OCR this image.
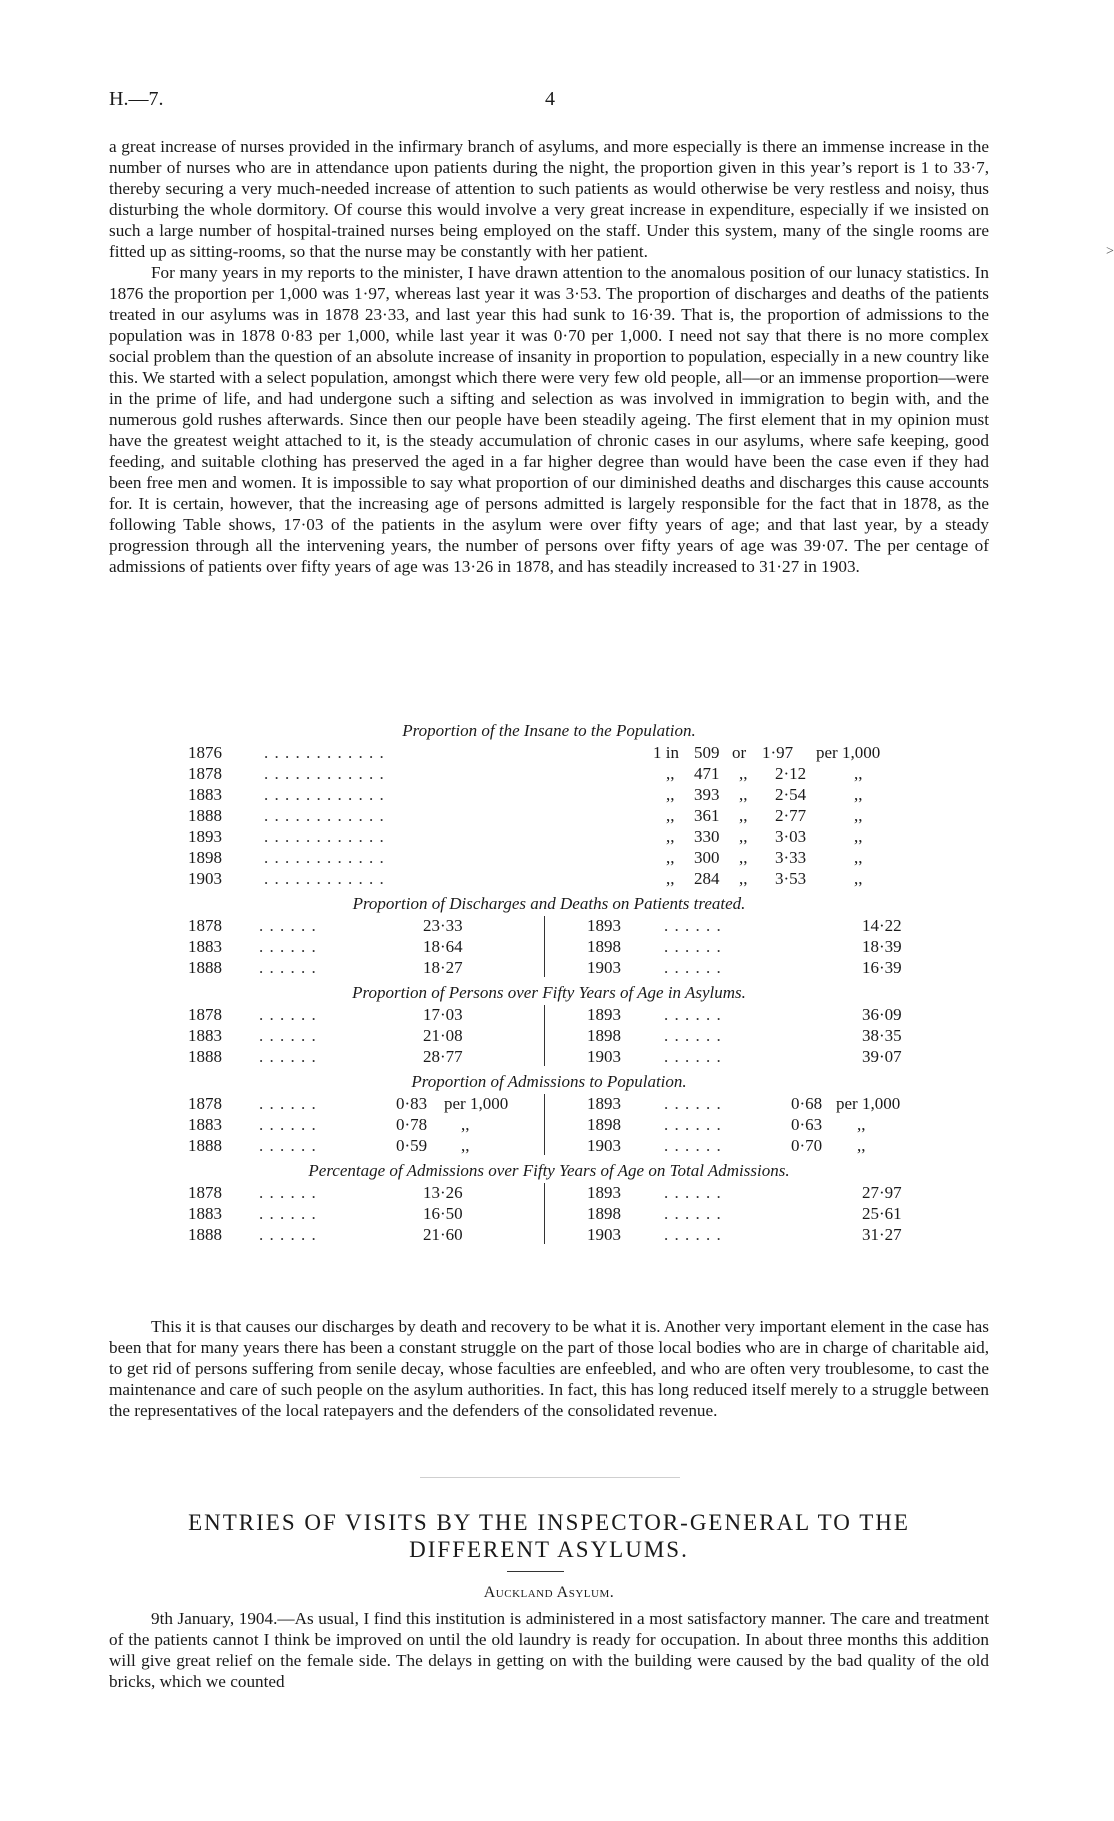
H.—7.	4
>

a great increase of nurses provided in the infirmary branch of asylums, and more especially is there an immense increase in the number of nurses who are in attendance upon patients during the night, the proportion given in this year’s report is 1 to 33·7, thereby securing a very much-needed increase of attention to such patients as would otherwise be very restless and noisy, thus disturbing the whole dormitory. Of course this would involve a very great increase in expenditure, especially if we insisted on such a large number of hospital-trained nurses being employed on the staff. Under this system, many of the single rooms are fitted up as sitting-rooms, so that the nurse may be constantly with her patient.

For many years in my reports to the minister, I have drawn attention to the anomalous position of our lunacy statistics. In 1876 the proportion per 1,000 was 1·97, whereas last year it was 3·53. The proportion of discharges and deaths of the patients treated in our asylums was in 1878 23·33, and last year this had sunk to 16·39. That is, the proportion of admissions to the population was in 1878 0·83 per 1,000, while last year it was 0·70 per 1,000. I need not say that there is no more complex social problem than the question of an absolute increase of insanity in proportion to population, especially in a new country like this. We started with a select population, amongst which there were very few old people, all—or an immense proportion—were in the prime of life, and had undergone such a sifting and selection as was involved in immigration to begin with, and the numerous gold rushes afterwards. Since then our people have been steadily ageing. The first element that in my opinion must have the greatest weight attached to it, is the steady accumulation of chronic cases in our asylums, where safe keeping, good feeding, and suitable clothing has preserved the aged in a far higher degree than would have been the case even if they had been free men and women. It is impossible to say what proportion of our diminished deaths and discharges this cause accounts for. It is certain, however, that the increasing age of persons admitted is largely responsible for the fact that in 1878, as the following Table shows, 17·03 of the patients in the asylum were over fifty years of age; and that last year, by a steady progression through all the intervening years, the number of persons over fifty years of age was 39·07. The per centage of admissions of patients over fifty years of age was 13·26 in 1878, and has steadily increased to 31·27 in 1903.

Proportion of the Insane to the Population.

1876 . . . . . . . . . . . .	1 in 509 or 1·97 per 1,000
1878 . . . . . . . . . . . .	,, 471 ,, 2·12	,,
1883 . . . . . . . . . . . .	,, 393 ,, 2·54	,,
1888 . . . . . . . . . . . .	,, 361 ,, 2·77	,,
1893 . . . . . . . . . . . .	,, 330 ,, 3·03	,,
1898 . . . . . . . . . . . .	,, 300 ,, 3·33	,,
1903 . . . . . . . . . . . .	,, 284 ,, 3·53	,,

Proportion of Discharges and Deaths on Patients treated.

1878 . . . . . .	23·33	1893	. . . . . .	14·22
1883 . . . . . .	18·64	1898	. . . . . .	18·39
1888 . . . . . .	18·27	1903	. . . . . .	16·39

Proportion of Persons over Fifty Years of Age in Asylums.

1878 . . . . . .	17·03	1893	. . . . . .	36·09
1883 . . . . . .	21·08	1898	. . . . . .	38·35
1888 . . . . . .	28·77	1903	. . . . . .	39·07

Proportion of Admissions to Population.

1878 . . . . . .	0·83 per 1,000	1893	. . . . . .	0·68 per 1,000
1883 . . . . . .	0·78 ,,	1898	. . . . . .	0·63 ,,
1888 . . . . . .	0·59 ,,	1903	. . . . . .	0·70 ,,

Percentage of Admissions over Fifty Years of Age on Total Admissions.

1878 . . . . . .	13·26	1893	. . . . . .	27·97
1883 . . . . . .	16·50	1898	. . . . . .	25·61
1888 . . . . . .	21·60	1903	. . . . . .	31·27

This it is that causes our discharges by death and recovery to be what it is. Another very important element in the case has been that for many years there has been a constant struggle on the part of those local bodies who are in charge of charitable aid, to get rid of persons suffering from senile decay, whose faculties are enfeebled, and who are often very troublesome, to cast the maintenance and care of such people on the asylum authorities. In fact, this has long reduced itself merely to a struggle between the representatives of the local ratepayers and the defenders of the consolidated revenue.

ENTRIES OF VISITS BY THE INSPECTOR-GENERAL TO THE
DIFFERENT ASYLUMS.
Auckland Asylum.

9th January, 1904.—As usual, I find this institution is administered in a most satisfactory manner. The care and treatment of the patients cannot I think be improved on until the old laundry is ready for occupation. In about three months this addition will give great relief on the female side. The delays in getting on with the building were caused by the bad quality of the old bricks, which we counted
